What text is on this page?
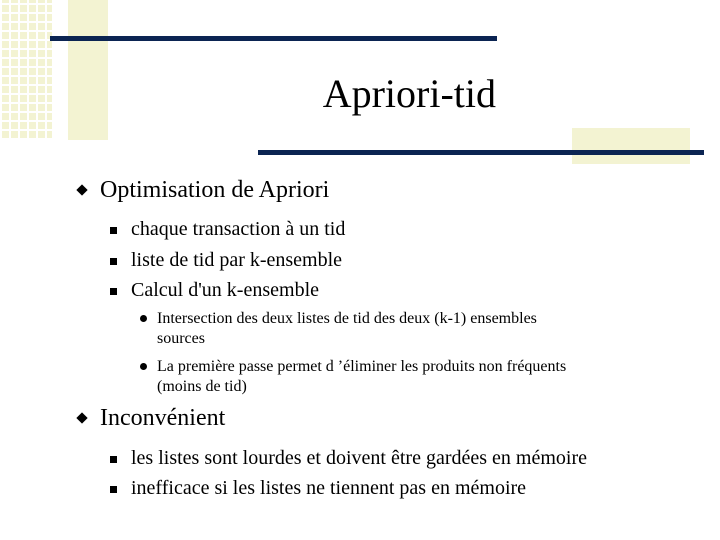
Apriori-tid
Optimisation de Apriori
chaque transaction à un tid
liste de tid par k-ensemble
Calcul d'un k-ensemble
Intersection des deux listes de tid des deux (k-1) ensembles
sources
La première passe permet d ’éliminer les produits non fréquents
(moins de tid)
Inconvénient
les listes sont lourdes et doivent être gardées en mémoire
inefficace si les listes ne tiennent pas en mémoire
